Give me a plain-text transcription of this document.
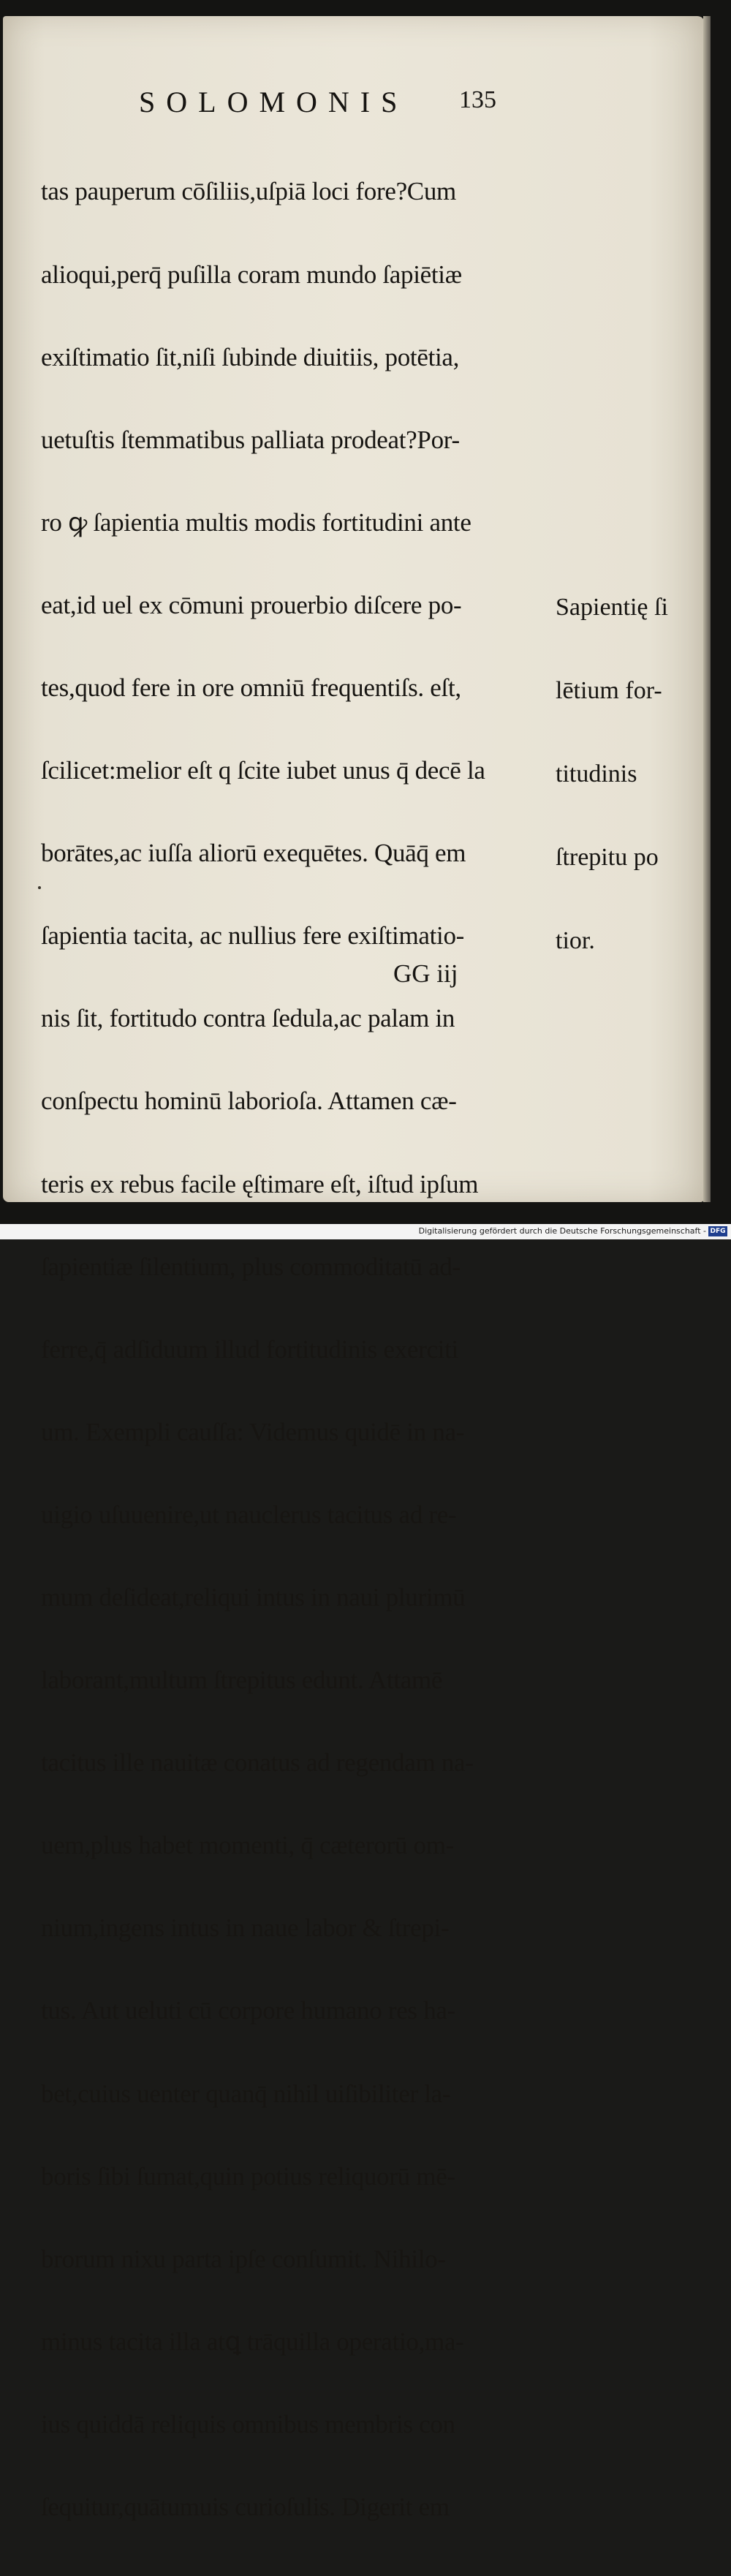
SOLOMONIS 135

tas pauperum cōſiliis,uſpiā loci fore?Cum

alioqui,perq̄ puſilla coram mundo ſapiētiæ

exiſtimatio ſit,niſi ſubinde diuitiis, potētia,

uetuſtis ſtemmatibus palliata prodeat?Por-

ro ꝙ ſapientia multis modis fortitudini ante

eat,id uel ex cōmuni prouerbio diſcere po-

tes,quod fere in ore omniū frequentiſs. eſt,

ſcilicet:melior eſt q ſcite iubet unus q̄ decē la

borātes,ac iuſſa aliorū exequētes. Quāq̄ em

ſapientia tacita, ac nullius fere exiſtimatio-

nis ſit, fortitudo contra ſedula,ac palam in

conſpectu hominū laborioſa. Attamen cæ-

teris ex rebus facile ęſtimare eſt, iſtud ipſum

ſapientiæ ſilentium, plus commoditatū ad-

ferre,q̄ adſiduum illud fortitudinis exerciti

um. Exempli cauſſa: Videmus quidē in na-

uigio uſuuenire,ut nauclerus tacitus ad re-

mum deſideat,reliqui intus in naui plurimū

laborant,multum ſtrepitus edunt. Attamē

tacitus ille nauitæ conatus ad regendam na-

uem,plus habet momenti, q̄ cæterorū om-

nium,ingens intus in naue labor & ſtrepi-

tus. Aut ueluti cū corpore humano res ha-

bet,cuius uenter quanq̄ nihil uiſibiliter la-

boris ſibi ſumat,quin potius reliquorū mē-

brorum nixu parta ipſe conſumit. Nihilo-

minus tacita illa atꝗ trāquilla operatio,ma-

ius quiddā reliquis omnibus membris con

ſequitur,quātumuis curioſulis. Digerit em

Sapientię ſi

lētium for-

titudinis

ſtrepitu po

tior.

GG iij
Digitalisierung gefördert durch die Deutsche Forschungsgemeinschaft - DFG
